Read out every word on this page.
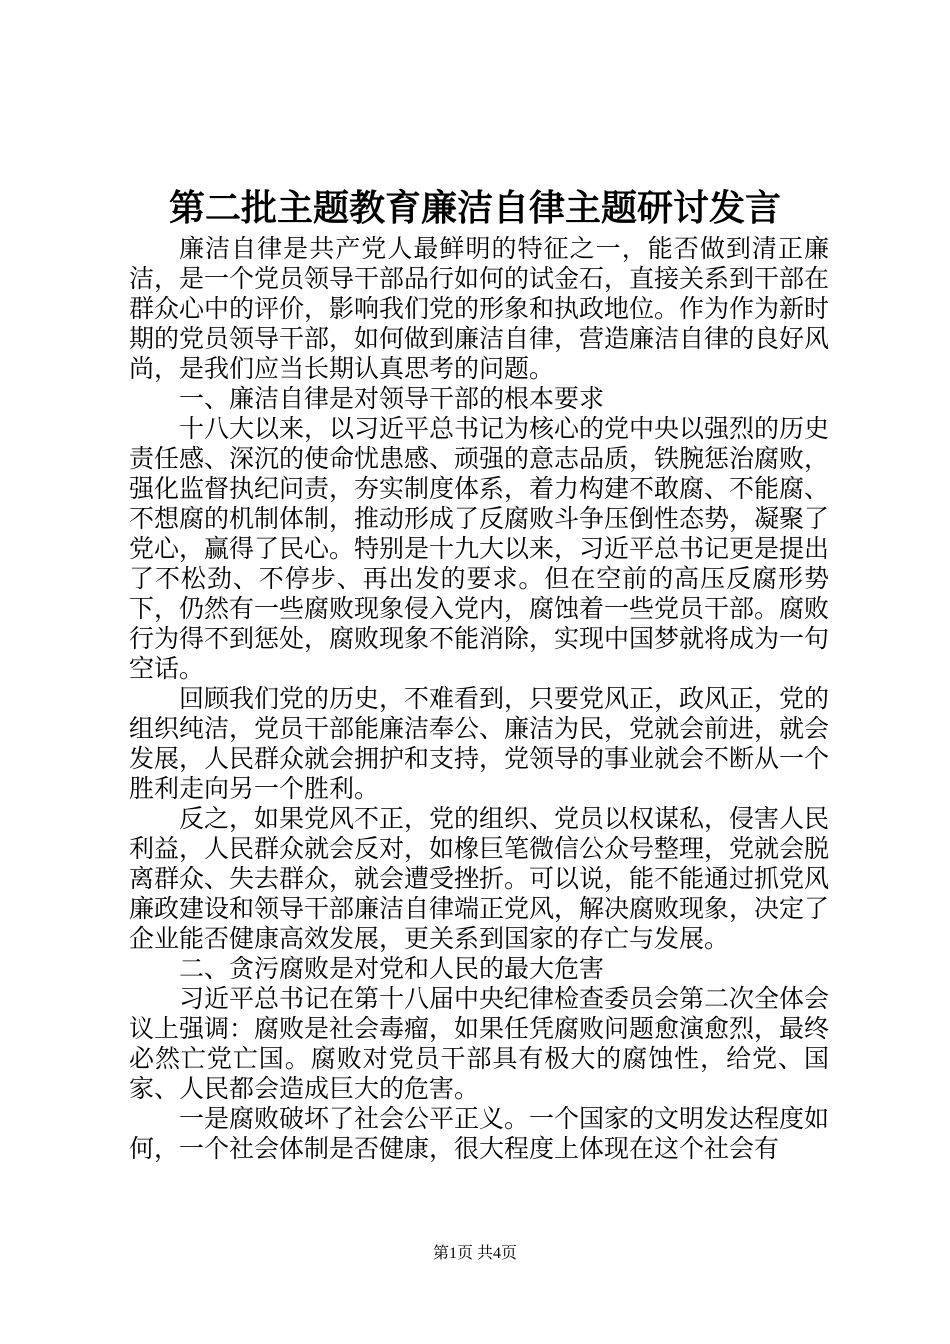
第二批主题教育廉洁自律主题研讨发言

廉洁自律是共产党人最鲜明的特征之一，能否做到清正廉洁，是一个党员领导干部品行如何的试金石，直接关系到干部在群众心中的评价，影响我们党的形象和执政地位。作为作为新时期的党员领导干部，如何做到廉洁自律，营造廉洁自律的良好风尚，是我们应当长期认真思考的问题。

一、廉洁自律是对领导干部的根本要求

十八大以来，以习近平总书记为核心的党中央以强烈的历史责任感、深沉的使命忧患感、顽强的意志品质，铁腕惩治腐败，强化监督执纪问责，夯实制度体系，着力构建不敢腐、不能腐、不想腐的机制体制，推动形成了反腐败斗争压倒性态势，凝聚了党心，赢得了民心。特别是十九大以来，习近平总书记更是提出了不松劲、不停步、再出发的要求。但在空前的高压反腐形势下，仍然有一些腐败现象侵入党内，腐蚀着一些党员干部。腐败行为得不到惩处，腐败现象不能消除，实现中国梦就将成为一句空话。

回顾我们党的历史，不难看到，只要党风正，政风正，党的组织纯洁，党员干部能廉洁奉公、廉洁为民，党就会前进，就会发展，人民群众就会拥护和支持，党领导的事业就会不断从一个胜利走向另一个胜利。

反之，如果党风不正，党的组织、党员以权谋私，侵害人民利益，人民群众就会反对，如橡巨笔微信公众号整理，党就会脱离群众、失去群众，就会遭受挫折。可以说，能不能通过抓党风廉政建设和领导干部廉洁自律端正党风，解决腐败现象，决定了企业能否健康高效发展，更关系到国家的存亡与发展。

二、贪污腐败是对党和人民的最大危害

习近平总书记在第十八届中央纪律检查委员会第二次全体会议上强调：腐败是社会毒瘤，如果任凭腐败问题愈演愈烈，最终必然亡党亡国。腐败对党员干部具有极大的腐蚀性，给党、国家、人民都会造成巨大的危害。

一是腐败破坏了社会公平正义。一个国家的文明发达程度如何，一个社会体制是否健康，很大程度上体现在这个社会有

第1页 共4页
